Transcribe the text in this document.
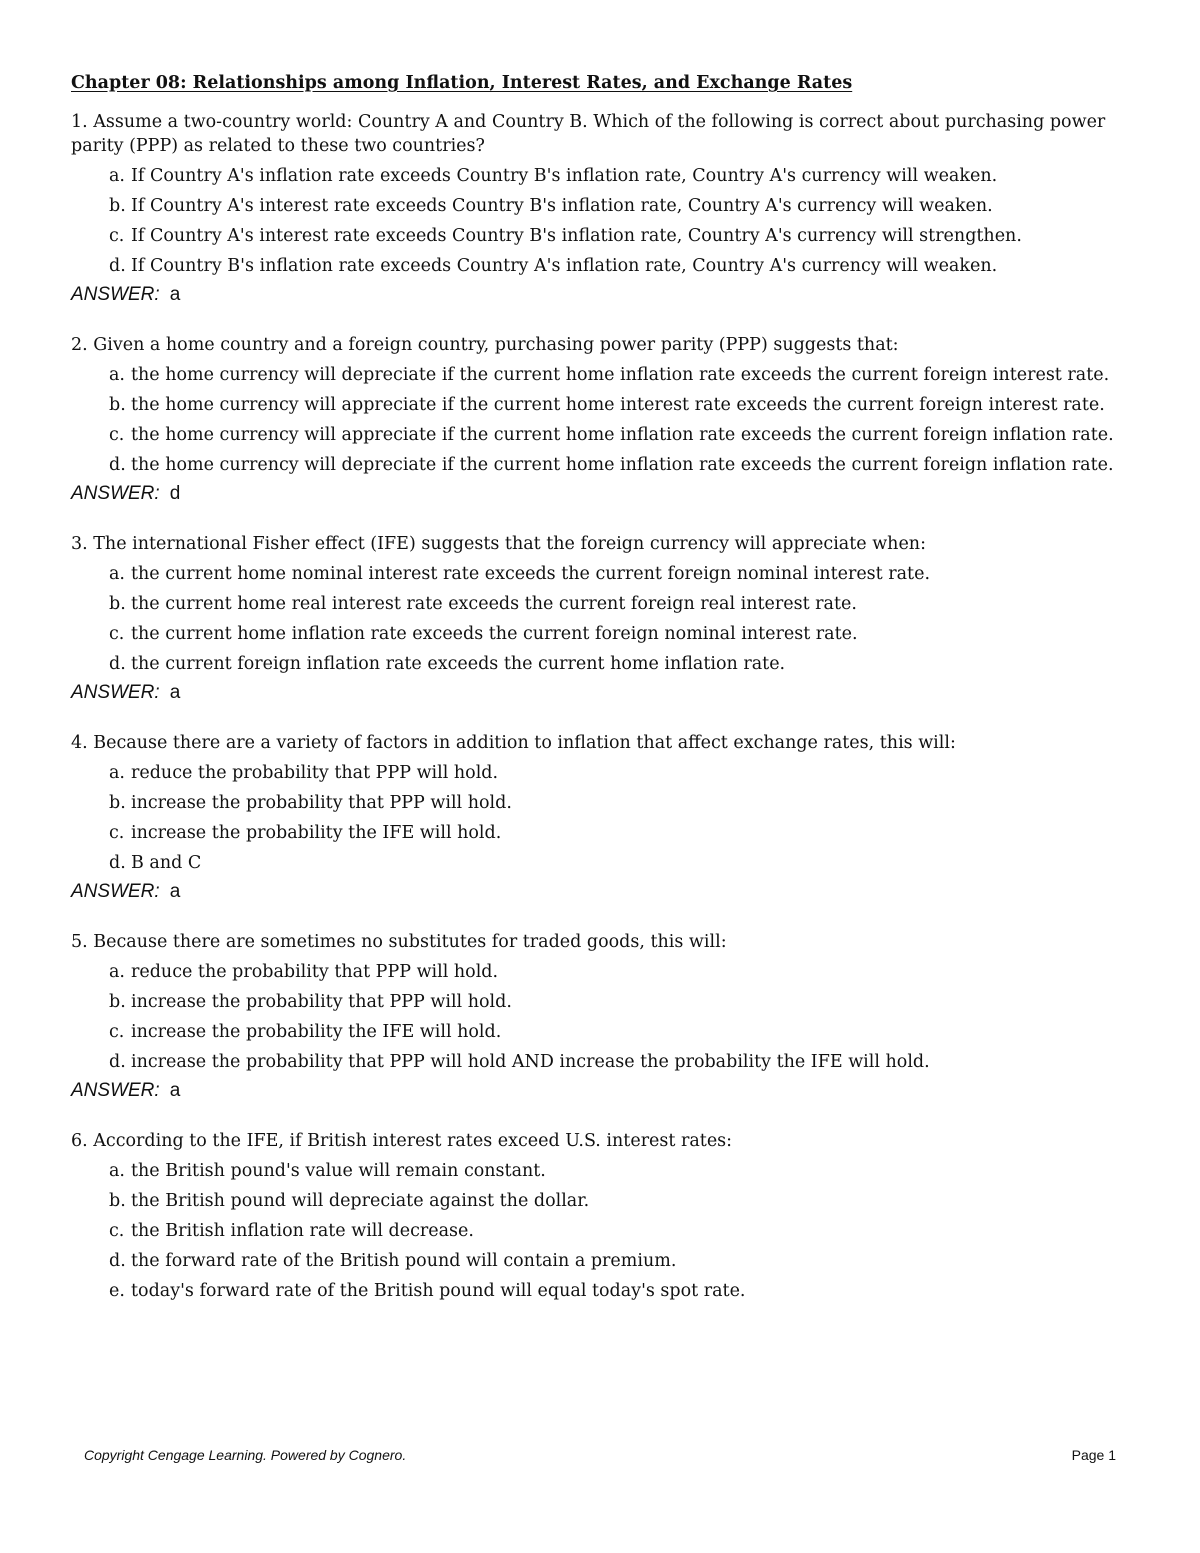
Chapter 08: Relationships among Inflation, Interest Rates, and Exchange Rates
1. Assume a two-country world: Country A and Country B. Which of the following is correct about purchasing power parity (PPP) as related to these two countries?
a. If Country A's inflation rate exceeds Country B's inflation rate, Country A's currency will weaken.
b. If Country A's interest rate exceeds Country B's inflation rate, Country A's currency will weaken.
c. If Country A's interest rate exceeds Country B's inflation rate, Country A's currency will strengthen.
d. If Country B's inflation rate exceeds Country A's inflation rate, Country A's currency will weaken.
ANSWER: a
2. Given a home country and a foreign country, purchasing power parity (PPP) suggests that:
a. the home currency will depreciate if the current home inflation rate exceeds the current foreign interest rate.
b. the home currency will appreciate if the current home interest rate exceeds the current foreign interest rate.
c. the home currency will appreciate if the current home inflation rate exceeds the current foreign inflation rate.
d. the home currency will depreciate if the current home inflation rate exceeds the current foreign inflation rate.
ANSWER: d
3. The international Fisher effect (IFE) suggests that the foreign currency will appreciate when:
a. the current home nominal interest rate exceeds the current foreign nominal interest rate.
b. the current home real interest rate exceeds the current foreign real interest rate.
c. the current home inflation rate exceeds the current foreign nominal interest rate.
d. the current foreign inflation rate exceeds the current home inflation rate.
ANSWER: a
4. Because there are a variety of factors in addition to inflation that affect exchange rates, this will:
a. reduce the probability that PPP will hold.
b. increase the probability that PPP will hold.
c. increase the probability the IFE will hold.
d. B and C
ANSWER: a
5. Because there are sometimes no substitutes for traded goods, this will:
a. reduce the probability that PPP will hold.
b. increase the probability that PPP will hold.
c. increase the probability the IFE will hold.
d. increase the probability that PPP will hold AND increase the probability the IFE will hold.
ANSWER: a
6. According to the IFE, if British interest rates exceed U.S. interest rates:
a. the British pound's value will remain constant.
b. the British pound will depreciate against the dollar.
c. the British inflation rate will decrease.
d. the forward rate of the British pound will contain a premium.
e. today's forward rate of the British pound will equal today's spot rate.
Copyright Cengage Learning. Powered by Cognero.	Page 1
